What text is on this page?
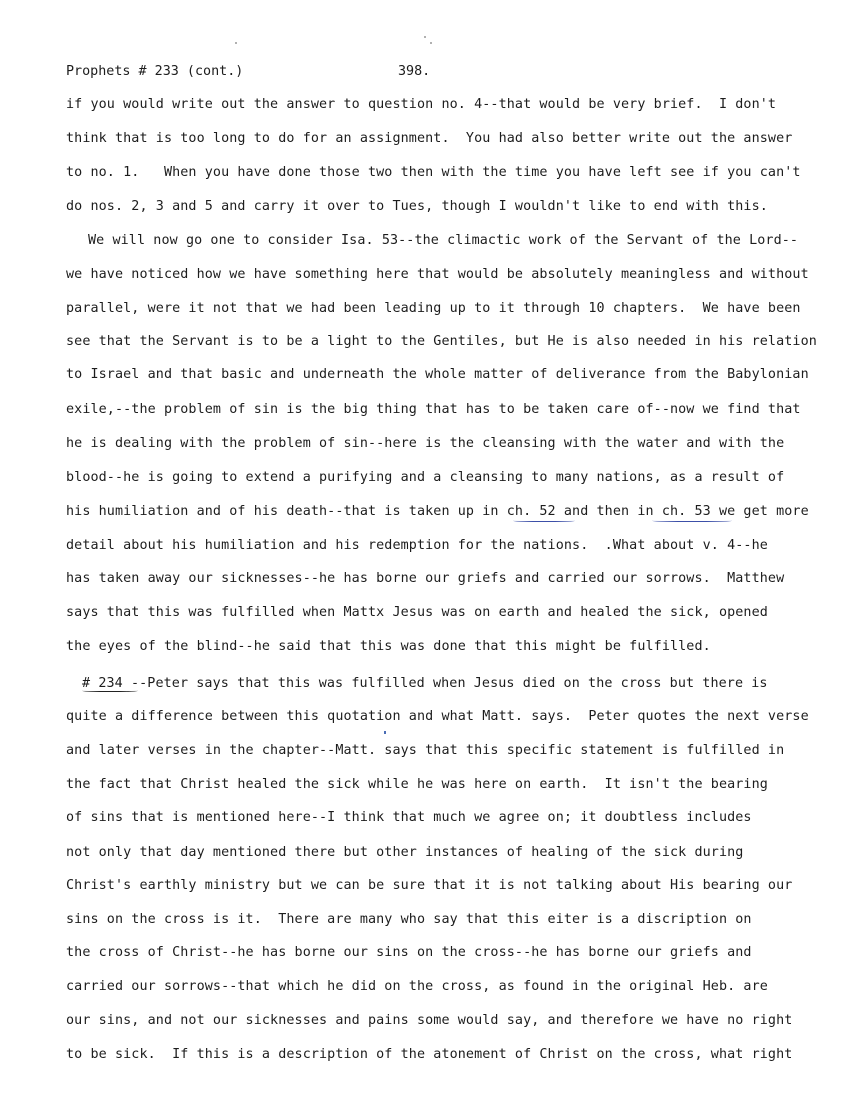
Prophets # 233 (cont.)	398.
if you would write out the answer to question no. 4--that would be very brief.  I don't
think that is too long to do for an assignment.  You had also better write out the answer
to no. 1.   When you have done those two then with the time you have left see if you can't
do nos. 2, 3 and 5 and carry it over to Tues, though I wouldn't like to end with this.
We will now go one to consider Isa. 53--the climactic work of the Servant of the Lord--
we have noticed how we have something here that would be absolutely meaningless and without
parallel, were it not that we had been leading up to it through 10 chapters.  We have been
see that the Servant is to be a light to the Gentiles, but He is also needed in his relation
to Israel and that basic and underneath the whole matter of deliverance from the Babylonian
exile,--the problem of sin is the big thing that has to be taken care of--now we find that
he is dealing with the problem of sin--here is the cleansing with the water and with the
blood--he is going to extend a purifying and a cleansing to many nations, as a result of
his humiliation and of his death--that is taken up in ch. 52 and then in ch. 53 we get more
detail about his humiliation and his redemption for the nations.  .What about v. 4--he
has taken away our sicknesses--he has borne our griefs and carried our sorrows.  Matthew
says that this was fulfilled when Mattx Jesus was on earth and healed the sick, opened
the eyes of the blind--he said that this was done that this might be fulfilled.
# 234 --Peter says that this was fulfilled when Jesus died on the cross but there is
quite a difference between this quotation and what Matt. says.  Peter quotes the next verse
and later verses in the chapter--Matt. says that this specific statement is fulfilled in
the fact that Christ healed the sick while he was here on earth.  It isn't the bearing
of sins that is mentioned here--I think that much we agree on; it doubtless includes
not only that day mentioned there but other instances of healing of the sick during
Christ's earthly ministry but we can be sure that it is not talking about His bearing our
sins on the cross is it.  There are many who say that this eiter is a discription on
the cross of Christ--he has borne our sins on the cross--he has borne our griefs and
carried our sorrows--that which he did on the cross, as found in the original Heb. are
our sins, and not our sicknesses and pains some would say, and therefore we have no right
to be sick.  If this is a description of the atonement of Christ on the cross, what right
